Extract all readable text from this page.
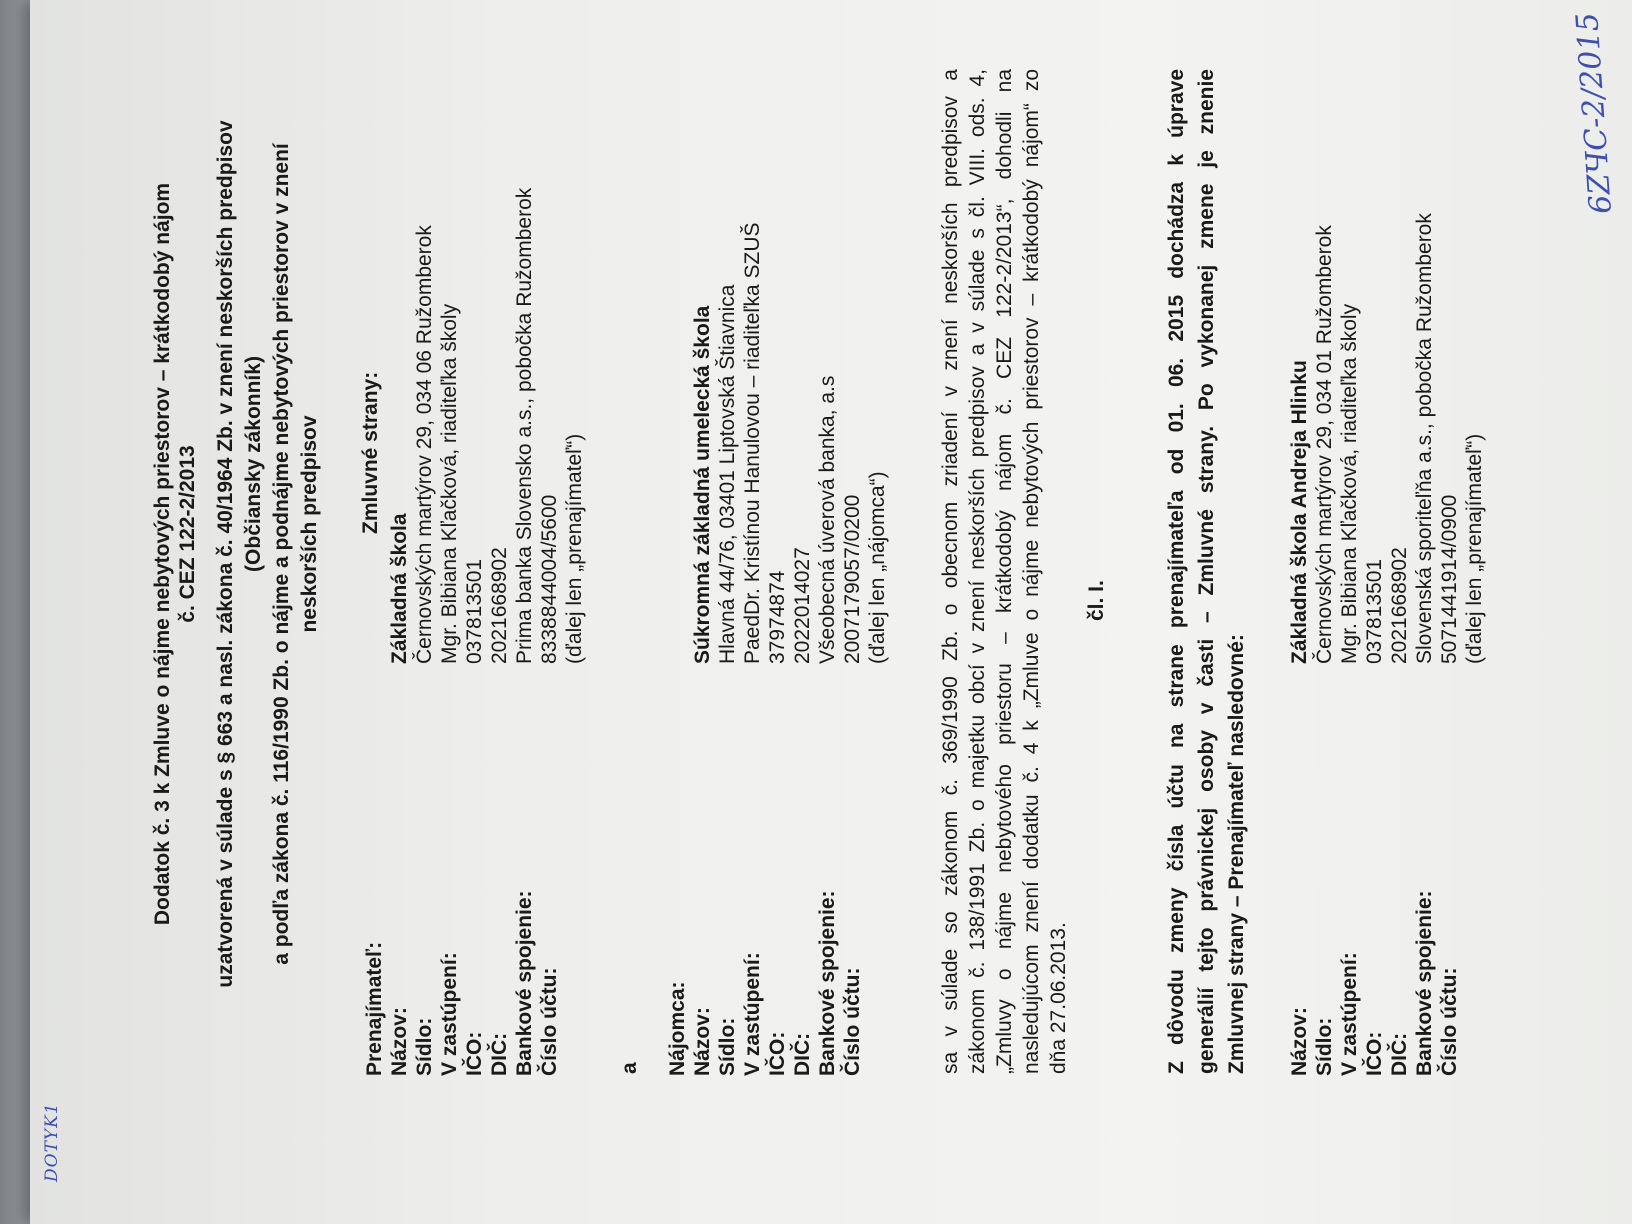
6ZЧС-2/2015
DOTYK1
Dodatok č. 3 k Zmluve o nájme nebytových priestorov – krátkodobý nájom č. CEZ 122-2/2013 uzatvorená v súlade s § 663 a nasl. zákona č. 40/1964 Zb. v znení neskorších predpisov (Občiansky zákonník) a podľa zákona č. 116/1990 Zb. o nájme a podnájme nebytových priestorov v znení neskorších predpisov Zmluvné strany:
Prenajímateľ: Názov: Sídlo: V zastúpení: IČO: DIČ: Bankové spojenie: Číslo účtu:
Základná škola Černovských martýrov 29, 034 06 Ružomberok Mgr. Bibiana Kľačková, riaditeľka školy 037813501 2021668902 Prima banka Slovensko a.s., pobočka Ružomberok 8338844004/5600 (ďalej len „prenajímateľ“)
a Nájomca: Názov: Sídlo: V zastúpení: IČO: DIČ: Bankové spojenie: Číslo účtu:
Súkromná základná umelecká škola Hlavná 44/76, 03401 Liptovská Štiavnica PaedDr. Kristínou Hanulovou – riaditeľka SZUŠ 37974874 2022014027 Všeobecná úverová banka, a.s 2007179057/0200 (ďalej len „nájomca“) sa v súlade so zákonom č. 369/1990 Zb. o obecnom zriadení v znení neskorších predpisov a zákonom č. 138/1991 Zb. o majetku obcí v znení neskorších predpisov a v súlade s čl. VIII. ods. 4, „Zmluvy o nájme nebytového priestoru – krátkodobý nájom č. CEZ 122-2/2013“, dohodli na nasledujúcom znení dodatku č. 4 k „Zmluve o nájme nebytových priestorov – krátkodobý nájom“ zo dňa 27.06.2013.
čl. I.	Z dôvodu zmeny čísla účtu na strane prenajímateľa od 01. 06. 2015 dochádza k úprave generálií tejto právnickej osoby v časti – Zmluvné strany. Po vykonanej zmene je znenie Zmluvnej strany – Prenajímateľ nasledovné: Názov: Sídlo: V zastúpení: IČO: DIČ: Bankové spojenie: Číslo účtu:
Základná škola Andreja Hlinku Černovských martýrov 29, 034 01 Ružomberok Mgr. Bibiana Kľačková, riaditeľka školy 037813501 2021668902 Slovenská sporiteľňa a.s., pobočka Ružomberok 5071441914/0900 (ďalej len „prenajímateľ“)
